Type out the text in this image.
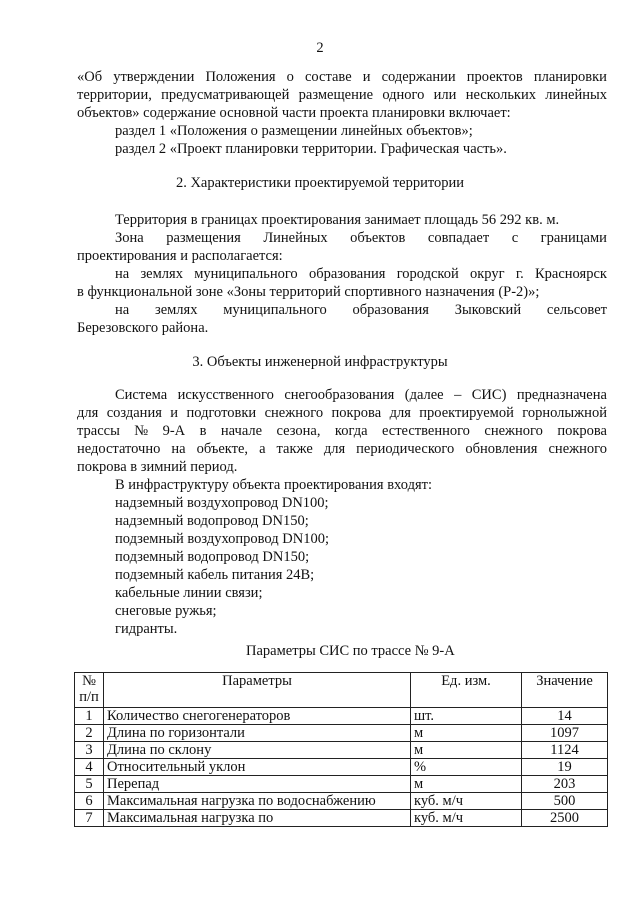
2
«Об утверждении Положения о составе и содержании проектов планировки
территории, предусматривающей размещение одного или нескольких линейных
объектов» содержание основной части проекта планировки включает:
раздел 1 «Положения о размещении линейных объектов»;
раздел 2 «Проект планировки территории. Графическая часть».
2. Характеристики проектируемой территории
Территория в границах проектирования занимает площадь 56 292 кв. м.
Зона размещения Линейных объектов совпадает с границами
проектирования и располагается:
на землях муниципального образования городской округ г. Красноярск
в функциональной зоне «Зоны территорий спортивного назначения (Р-2)»;
на землях муниципального образования Зыковский сельсовет
Березовского района.
3. Объекты инженерной инфраструктуры
Система искусственного снегообразования (далее – СИС) предназначена
для создания и подготовки снежного покрова для проектируемой горнолыжной
трассы № 9-А в начале сезона, когда естественного снежного покрова
недостаточно на объекте, а также для периодического обновления снежного
покрова в зимний период.
В инфраструктуру объекта проектирования входят:
надземный воздухопровод DN100;
надземный водопровод DN150;
подземный воздухопровод DN100;
подземный водопровод DN150;
подземный кабель питания 24В;
кабельные линии связи;
снеговые ружья;
гидранты.
Параметры СИС по трассе № 9-А
№
п/п	Параметры	Ед. изм.	Значение
1	Количество снегогенераторов	шт.	14
2	Длина по горизонтали	м	1097
3	Длина по склону	м	1124
4	Относительный уклон	%	19
5	Перепад	м	203
6	Максимальная нагрузка по водоснабжению	куб. м/ч	500
7	Максимальная нагрузка по	куб. м/ч	2500
